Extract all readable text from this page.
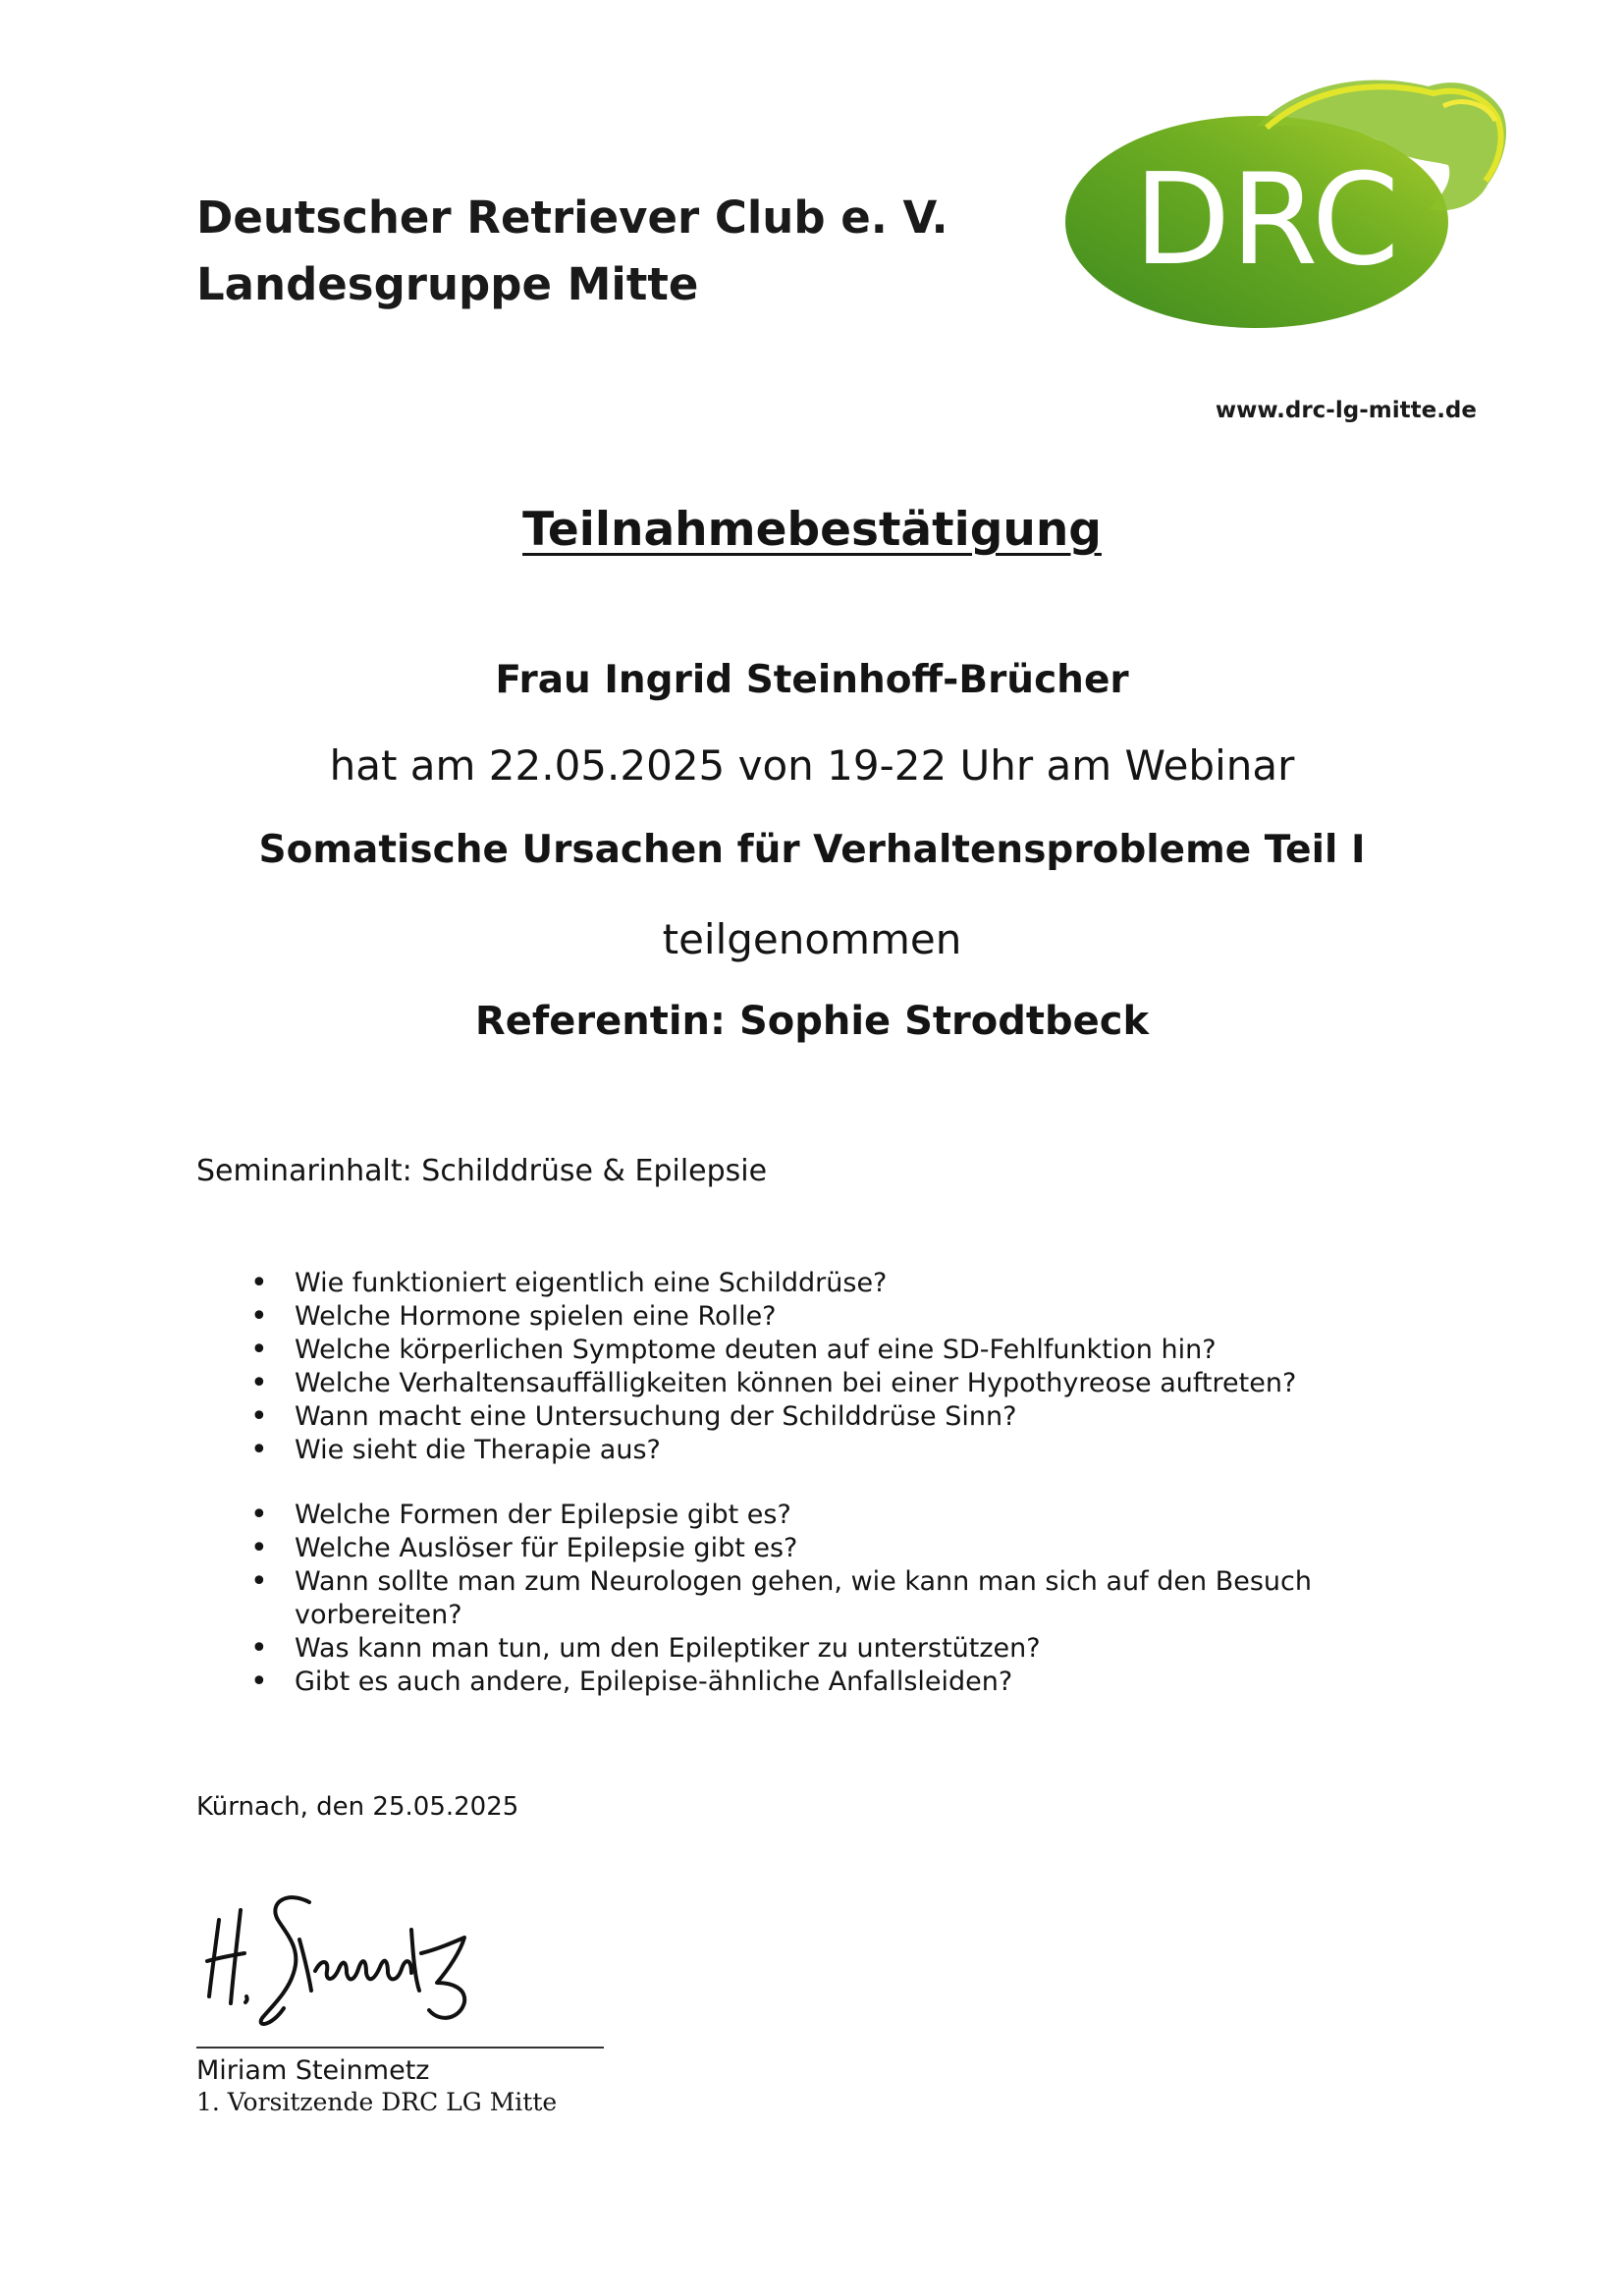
Deutscher Retriever Club e. V.
Landesgruppe Mitte	DRC
www.drc-lg-mitte.de
Teilnahmebestätigung
Frau Ingrid Steinhoff-Brücher
hat am 22.05.2025 von 19-22 Uhr am Webinar
Somatische Ursachen für Verhaltensprobleme Teil I
teilgenommen
Referentin: Sophie Strodtbeck
Seminarinhalt: Schilddrüse & Epilepsie
• Wie funktioniert eigentlich eine Schilddrüse?
• Welche Hormone spielen eine Rolle?
• Welche körperlichen Symptome deuten auf eine SD-Fehlfunktion hin?
• Welche Verhaltensauffälligkeiten können bei einer Hypothyreose auftreten?
• Wann macht eine Untersuchung der Schilddrüse Sinn?
• Wie sieht die Therapie aus?
• Welche Formen der Epilepsie gibt es?
• Welche Auslöser für Epilepsie gibt es?
• Wann sollte man zum Neurologen gehen, wie kann man sich auf den Besuch vorbereiten?
• Was kann man tun, um den Epileptiker zu unterstützen?
• Gibt es auch andere, Epilepise-ähnliche Anfallsleiden?
Kürnach, den 25.05.2025
Miriam Steinmetz
1. Vorsitzende DRC LG Mitte
